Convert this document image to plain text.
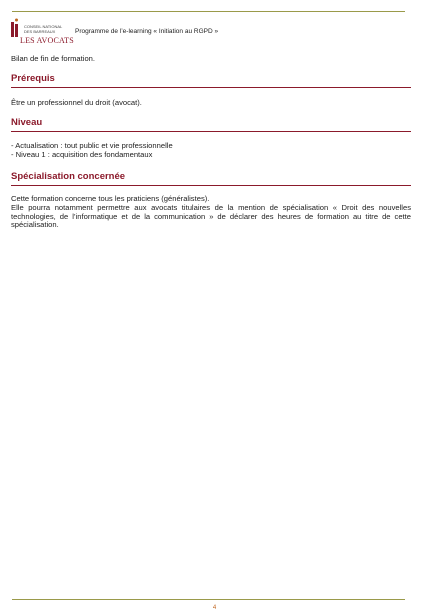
CONSEIL NATIONAL
DES BARREAUX
LES AVOCATS
Programme de l’e-learning « Initiation au RGPD »
Bilan de fin de formation.
Prérequis
Être un professionnel du droit (avocat).
Niveau
- Actualisation : tout public et vie professionnelle
- Niveau 1 : acquisition des fondamentaux
Spécialisation concernée
Cette formation concerne tous les praticiens (généralistes).
Elle pourra notamment permettre aux avocats titulaires de la mention de spécialisation « Droit des nouvelles technologies, de l’informatique et de la communication » de déclarer des heures de formation au titre de cette spécialisation.
4
